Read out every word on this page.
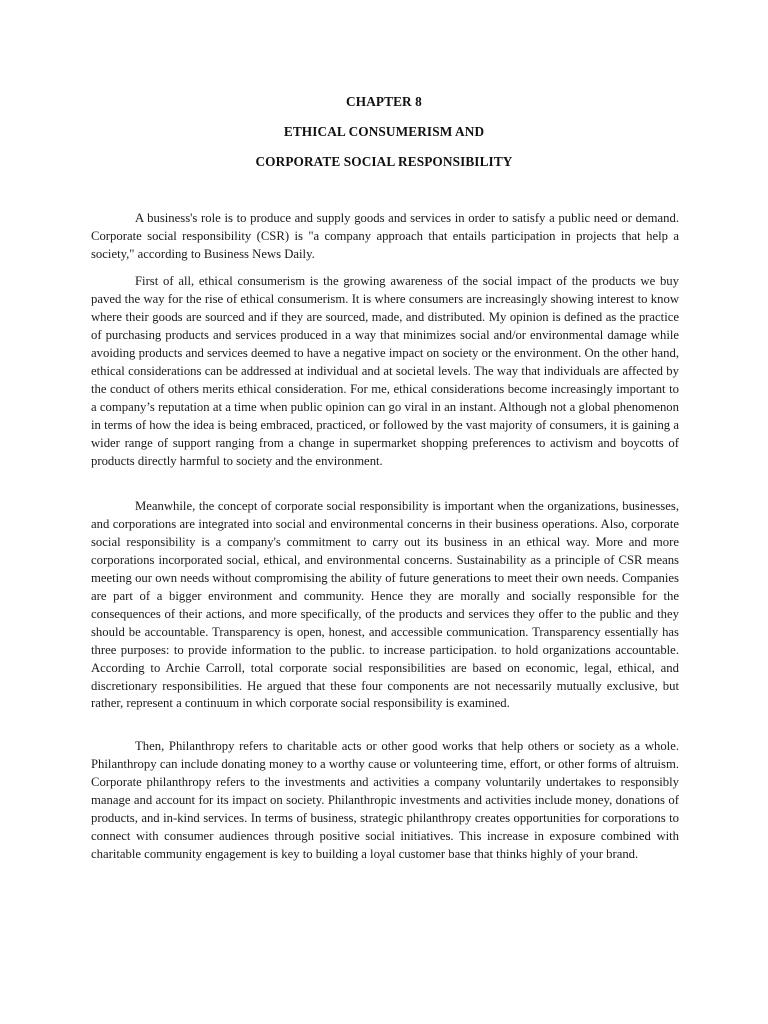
CHAPTER 8
ETHICAL CONSUMERISM AND
CORPORATE SOCIAL RESPONSIBILITY

A business's role is to produce and supply goods and services in order to satisfy a public need or demand. Corporate social responsibility (CSR) is "a company approach that entails participation in projects that help a society," according to Business News Daily.

First of all, ethical consumerism is the growing awareness of the social impact of the products we buy paved the way for the rise of ethical consumerism. It is where consumers are increasingly showing interest to know where their goods are sourced and if they are sourced, made, and distributed. My opinion is defined as the practice of purchasing products and services produced in a way that minimizes social and/or environmental damage while avoiding products and services deemed to have a negative impact on society or the environment. On the other hand, ethical considerations can be addressed at individual and at societal levels. The way that individuals are affected by the conduct of others merits ethical consideration. For me, ethical considerations become increasingly important to a company’s reputation at a time when public opinion can go viral in an instant. Although not a global phenomenon in terms of how the idea is being embraced, practiced, or followed by the vast majority of consumers, it is gaining a wider range of support ranging from a change in supermarket shopping preferences to activism and boycotts of products directly harmful to society and the environment.

Meanwhile, the concept of corporate social responsibility is important when the organizations, businesses, and corporations are integrated into social and environmental concerns in their business operations. Also, corporate social responsibility is a company's commitment to carry out its business in an ethical way. More and more corporations incorporated social, ethical, and environmental concerns. Sustainability as a principle of CSR means meeting our own needs without compromising the ability of future generations to meet their own needs. Companies are part of a bigger environment and community. Hence they are morally and socially responsible for the consequences of their actions, and more specifically, of the products and services they offer to the public and they should be accountable. Transparency is open, honest, and accessible communication. Transparency essentially has three purposes: to provide information to the public. to increase participation. to hold organizations accountable. According to Archie Carroll, total corporate social responsibilities are based on economic, legal, ethical, and discretionary responsibilities. He argued that these four components are not necessarily mutually exclusive, but rather, represent a continuum in which corporate social responsibility is examined.

Then, Philanthropy refers to charitable acts or other good works that help others or society as a whole. Philanthropy can include donating money to a worthy cause or volunteering time, effort, or other forms of altruism. Corporate philanthropy refers to the investments and activities a company voluntarily undertakes to responsibly manage and account for its impact on society. Philanthropic investments and activities include money, donations of products, and in-kind services. In terms of business, strategic philanthropy creates opportunities for corporations to connect with consumer audiences through positive social initiatives. This increase in exposure combined with charitable community engagement is key to building a loyal customer base that thinks highly of your brand.
